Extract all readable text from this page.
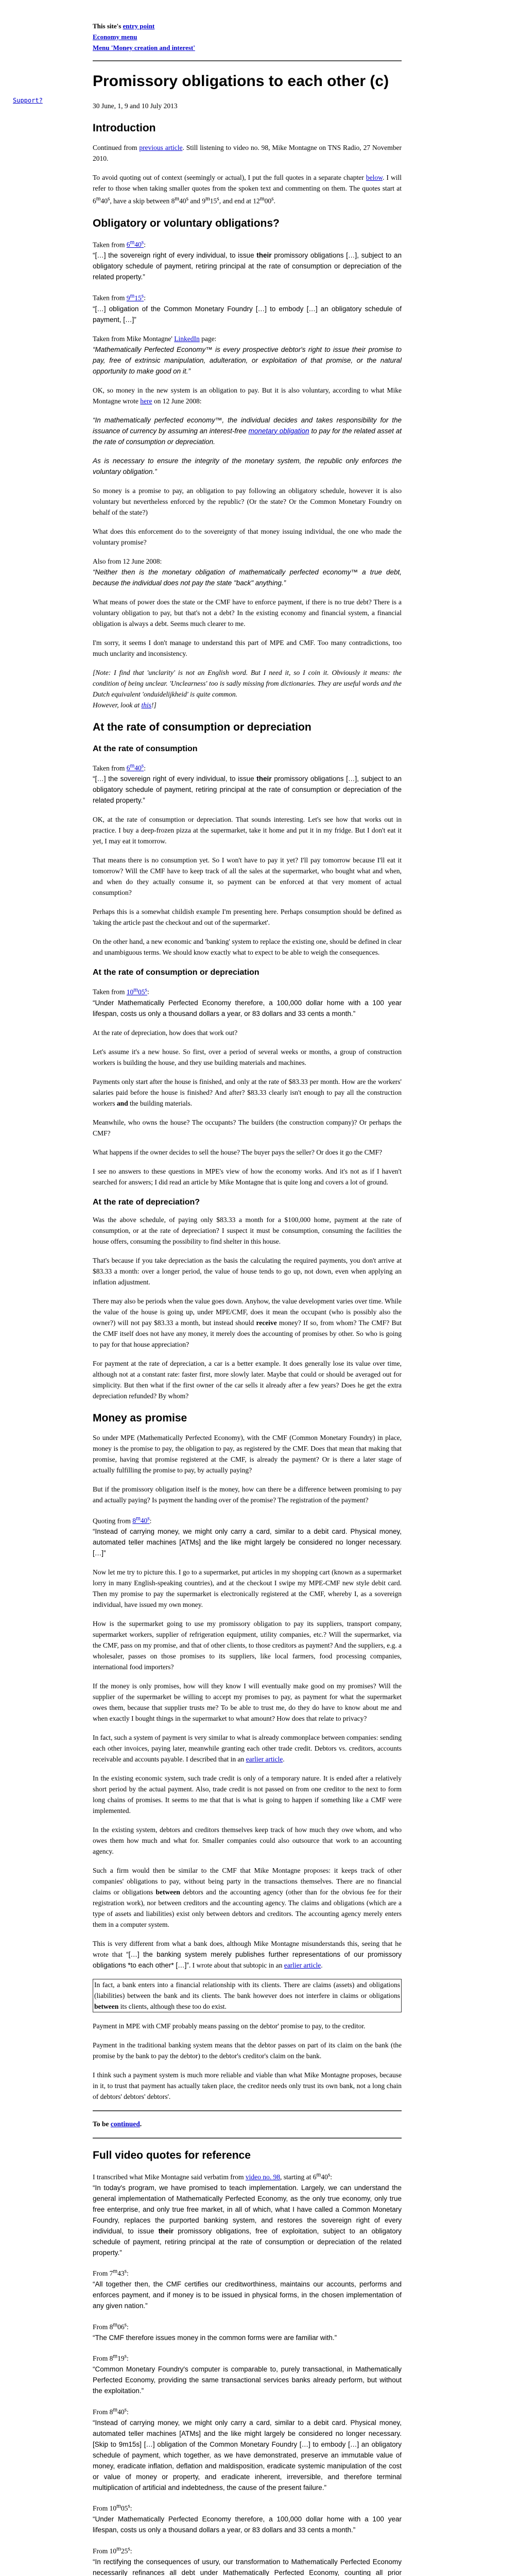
Support?
This site's entry point
Economy menu
Menu 'Money creation and interest'
Promissory obligations to each other (c)

30 June, 1, 9 and 10 July 2013

Introduction

Continued from previous article. Still listening to video no. 98, Mike Montagne on TNS Radio, 27 November 2010.

To avoid quoting out of context (seemingly or actual), I put the full quotes in a separate chapter below. I will refer to those when taking smaller quotes from the spoken text and commenting on them. The quotes start at 6$^m$40$^s$, have a skip between 8$^m$40$^s$ and 9$^m$15$^s$, and end at 12$^m$00$^s$.

Obligatory or voluntary obligations?

Taken from 6$^m$40$^s$:
“[…] the sovereign right of every individual, to issue their promissory obligations […], subject to an obligatory schedule of payment, retiring principal at the rate of consumption or depreciation of the related property.”

Taken from 9$^m$15$^s$:
“[…] obligation of the Common Monetary Foundry […] to embody […] an obligatory schedule of payment, […]”

Taken from Mike Montagne' LinkedIn page:
“Mathematically Perfected Economy™ is every prospective debtor's right to issue their promise to pay, free of extrinsic manipulation, adulteration, or exploitation of that promise, or the natural opportunity to make good on it.”

OK, so money in the new system is an obligation to pay. But it is also voluntary, according to what Mike Montagne wrote here on 12 June 2008:

“In mathematically perfected economy™, the individual decides and takes responsibility for the issuance of currency by assuming an interest-free monetary obligation to pay for the related asset at the rate of consumption or depreciation.

As is necessary to ensure the integrity of the monetary system, the republic only enforces the voluntary obligation.”

So money is a promise to pay, an obligation to pay following an obligatory schedule, however it is also voluntary but nevertheless enforced by the republic? (Or the state? Or the Common Monetary Foundry on behalf of the state?)

What does this enforcement do to the sovereignty of that money issuing individual, the one who made the voluntary promise?

Also from 12 June 2008:
“Neither then is the monetary obligation of mathematically perfected economy™ a true debt, because the individual does not pay the state "back" anything.”

What means of power does the state or the CMF have to enforce payment, if there is no true debt? There is a voluntary obligation to pay, but that's not a debt? In the existing economy and financial system, a financial obligation is always a debt. Seems much clearer to me.

I'm sorry, it seems I don't manage to understand this part of MPE and CMF. Too many contradictions, too much unclarity and inconsistency.

[Note: I find that 'unclarity' is not an English word. But I need it, so I coin it. Obviously it means: the condition of being unclear. 'Unclearness' too is sadly missing from dictionaries. They are useful words and the Dutch equivalent 'onduidelijkheid' is quite common.
However, look at this!]

At the rate of consumption or depreciation
At the rate of consumption

Taken from 6$^m$40$^s$:
“[…] the sovereign right of every individual, to issue their promissory obligations […], subject to an obligatory schedule of payment, retiring principal at the rate of consumption or depreciation of the related property.”

OK, at the rate of consumption or depreciation. That sounds interesting. Let's see how that works out in practice. I buy a deep-frozen pizza at the supermarket, take it home and put it in my fridge. But I don't eat it yet, I may eat it tomorrow.

That means there is no consumption yet. So I won't have to pay it yet? I'll pay tomorrow because I'll eat it tomorrow? Will the CMF have to keep track of all the sales at the supermarket, who bought what and when, and when do they actually consume it, so payment can be enforced at that very moment of actual consumption?

Perhaps this is a somewhat childish example I'm presenting here. Perhaps consumption should be defined as 'taking the article past the checkout and out of the supermarket'.

On the other hand, a new economic and 'banking' system to replace the existing one, should be defined in clear and unambiguous terms. We should know exactly what to expect to be able to weigh the consequences.

At the rate of consumption or depreciation

Taken from 10$^m$05$^s$:
“Under Mathematically Perfected Economy therefore, a 100,000 dollar home with a 100 year lifespan, costs us only a thousand dollars a year, or 83 dollars and 33 cents a month.”

At the rate of depreciation, how does that work out?

Let's assume it's a new house. So first, over a period of several weeks or months, a group of construction workers is building the house, and they use building materials and machines.

Payments only start after the house is finished, and only at the rate of $83.33 per month. How are the workers' salaries paid before the house is finished? And after? $83.33 clearly isn't enough to pay all the construction workers and the building materials.

Meanwhile, who owns the house? The occupants? The builders (the construction company)? Or perhaps the CMF?

What happens if the owner decides to sell the house? The buyer pays the seller? Or does it go the CMF?

I see no answers to these questions in MPE's view of how the economy works. And it's not as if I haven't searched for answers; I did read an article by Mike Montagne that is quite long and covers a lot of ground.

At the rate of depreciation?

Was the above schedule, of paying only $83.33 a month for a $100,000 home, payment at the rate of consumption, or at the rate of depreciation? I suspect it must be consumption, consuming the facilities the house offers, consuming the possibility to find shelter in this house.

That's because if you take depreciation as the basis the calculating the required payments, you don't arrive at $83.33 a month: over a longer period, the value of house tends to go up, not down, even when applying an inflation adjustment.

There may also be periods when the value goes down. Anyhow, the value development varies over time. While the value of the house is going up, under MPE/CMF, does it mean the occupant (who is possibly also the owner?) will not pay $83.33 a month, but instead should receive money? If so, from whom? The CMF? But the CMF itself does not have any money, it merely does the accounting of promises by other. So who is going to pay for that house appreciation?

For payment at the rate of depreciation, a car is a better example. It does generally lose its value over time, although not at a constant rate: faster first, more slowly later. Maybe that could or should be averaged out for simplicity. But then what if the first owner of the car sells it already after a few years? Does he get the extra depreciation refunded? By whom?

Money as promise

So under MPE (Mathematically Perfected Economy), with the CMF (Common Monetary Foundry) in place, money is the promise to pay, the obligation to pay, as registered by the CMF. Does that mean that making that promise, having that promise registered at the CMF, is already the payment? Or is there a later stage of actually fulfilling the promise to pay, by actually paying?

But if the promissory obligation itself is the money, how can there be a difference between promising to pay and actually paying? Is payment the handing over of the promise? The registration of the payment?

Quoting from 8$^m$40$^s$:
“Instead of carrying money, we might only carry a card, similar to a debit card. Physical money, automated teller machines [ATMs] and the like might largely be considered no longer necessary. […]”

Now let me try to picture this. I go to a supermarket, put articles in my shopping cart (known as a supermarket lorry in many English-speaking countries), and at the checkout I swipe my MPE-CMF new style debit card. Then my promise to pay the supermarket is electronically registered at the CMF, whereby I, as a sovereign individual, have issued my own money.

How is the supermarket going to use my promissory obligation to pay its suppliers, transport company, supermarket workers, supplier of refrigeration equipment, utility companies, etc.? Will the supermarket, via the CMF, pass on my promise, and that of other clients, to those creditors as payment? And the suppliers, e.g. a wholesaler, passes on those promises to its suppliers, like local farmers, food processing companies, international food importers?

If the money is only promises, how will they know I will eventually make good on my promises? Will the supplier of the supermarket be willing to accept my promises to pay, as payment for what the supermarket owes them, because that supplier trusts me? To be able to trust me, do they do have to know about me and when exactly I bought things in the supermarket to what amount? How does that relate to privacy?

In fact, such a system of payment is very similar to what is already commonplace between companies: sending each other invoices, paying later, meanwhile granting each other trade credit. Debtors vs. creditors, accounts receivable and accounts payable. I described that in an earlier article.

In the existing economic system, such trade credit is only of a temporary nature. It is ended after a relatively short period by the actual payment. Also, trade credit is not passed on from one creditor to the next to form long chains of promises. It seems to me that that is what is going to happen if something like a CMF were implemented.

In the existing system, debtors and creditors themselves keep track of how much they owe whom, and who owes them how much and what for. Smaller companies could also outsource that work to an accounting agency.

Such a firm would then be similar to the CMF that Mike Montagne proposes: it keeps track of other companies' obligations to pay, without being party in the transactions themselves. There are no financial claims or obligations between debtors and the accounting agency (other than for the obvious fee for their registration work), nor between creditors and the accounting agency. The claims and obligations (which are a type of assets and liabilities) exist only between debtors and creditors. The accounting agency merely enters them in a computer system.

This is very different from what a bank does, although Mike Montagne misunderstands this, seeing that he wrote that “[…] the banking system merely publishes further representations of our promissory obligations *to each other* […]”. I wrote about that subtopic in an earlier article.

In fact, a bank enters into a financial relationship with its clients. There are claims (assets) and obligations (liabilities) between the bank and its clients. The bank however does not interfere in claims or obligations between its clients, although these too do exist.

Payment in MPE with CMF probably means passing on the debtor' promise to pay, to the creditor.

Payment in the traditional banking system means that the debtor passes on part of its claim on the bank (the promise by the bank to pay the debtor) to the debtor's creditor's claim on the bank.

I think such a payment system is much more reliable and viable than what Mike Montagne proposes, because in it, to trust that payment has actually taken place, the creditor needs only trust its own bank, not a long chain of debtors' debtors' debtors'.

To be continued.

Full video quotes for reference

I transcribed what Mike Montagne said verbatim from video no. 98, starting at 6$^m$40$^s$:
“In today's program, we have promised to teach implementation. Largely, we can understand the general implementation of Mathematically Perfected Economy, as the only true economy, only true free enterprise, and only true free market, in all of which, what I have called a Common Monetary Foundry, replaces the purported banking system, and restores the sovereign right of every individual, to issue their promissory obligations, free of exploitation, subject to an obligatory schedule of payment, retiring principal at the rate of consumption or depreciation of the related property.”

From 7$^m$43$^s$:
“All together then, the CMF certifies our creditworthiness, maintains our accounts, performs and enforces payment, and if money is to be issued in physical forms, in the chosen implementation of any given nation.”

From 8$^m$06$^s$:
“The CMF therefore issues money in the common forms were are familiar with.”

From 8$^m$19$^s$:
“Common Monetary Foundry's computer is comparable to, purely transactional, in Mathematically Perfected Economy, providing the same transactional services banks already perform, but without the exploitation.”

From 8$^m$40$^s$:
“Instead of carrying money, we might only carry a card, similar to a debit card. Physical money, automated teller machines [ATMs] and the like might largely be considered no longer necessary. [Skip to 9m15s] […] obligation of the Common Monetary Foundry […] to embody […] an obligatory schedule of payment, which together, as we have demonstrated, preserve an immutable value of money, eradicate inflation, deflation and maldisposition, eradicate systemic manipulation of the cost or value of money or property, and eradicate inherent, irreversible, and therefore terminal multiplication of artificial and indebtedness, the cause of the present failure.”

From 10$^m$05$^s$:
“Under Mathematically Perfected Economy therefore, a 100,000 dollar home with a 100 year lifespan, costs us only a thousand dollars a year, or 83 dollars and 33 cents a month.”

From 10$^m$25$^s$:
“In rectifying the consequences of usury, our transformation to Mathematically Perfected Economy necessarily refinances all debt under Mathematically Perfected Economy, counting all prior
